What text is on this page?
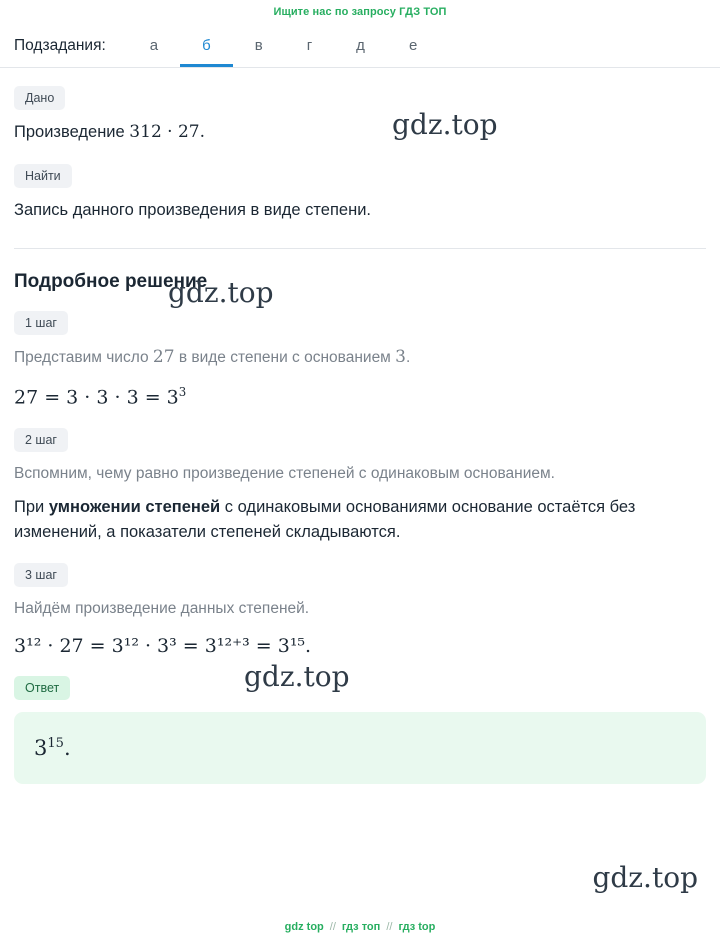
Ищите нас по запросу ГДЗ ТОП
Подзадания:	а	б	в	г	д	е
Дано
Произведение 312 · 27.
Найти
Запись данного произведения в виде степени.
Подробное решение
1 шаг
Представим число 27 в виде степени с основанием 3.
$27 = 3 \cdot 3 \cdot 3 = 3^3$
2 шаг
Вспомним, чему равно произведение степеней с одинаковым основанием.
При умножении степеней с одинаковыми основаниями основание остаётся без изменений, а показатели степеней складываются.
3 шаг
Найдём произведение данных степеней.
3¹² · 27 = 3¹² · 3³ = 3¹²⁺³ = 3¹⁵.
Ответ
$3^{15}$.
gdz.top
gdz.top
gdz.top
gdz.top
gdz top // гдз топ // гдз top
